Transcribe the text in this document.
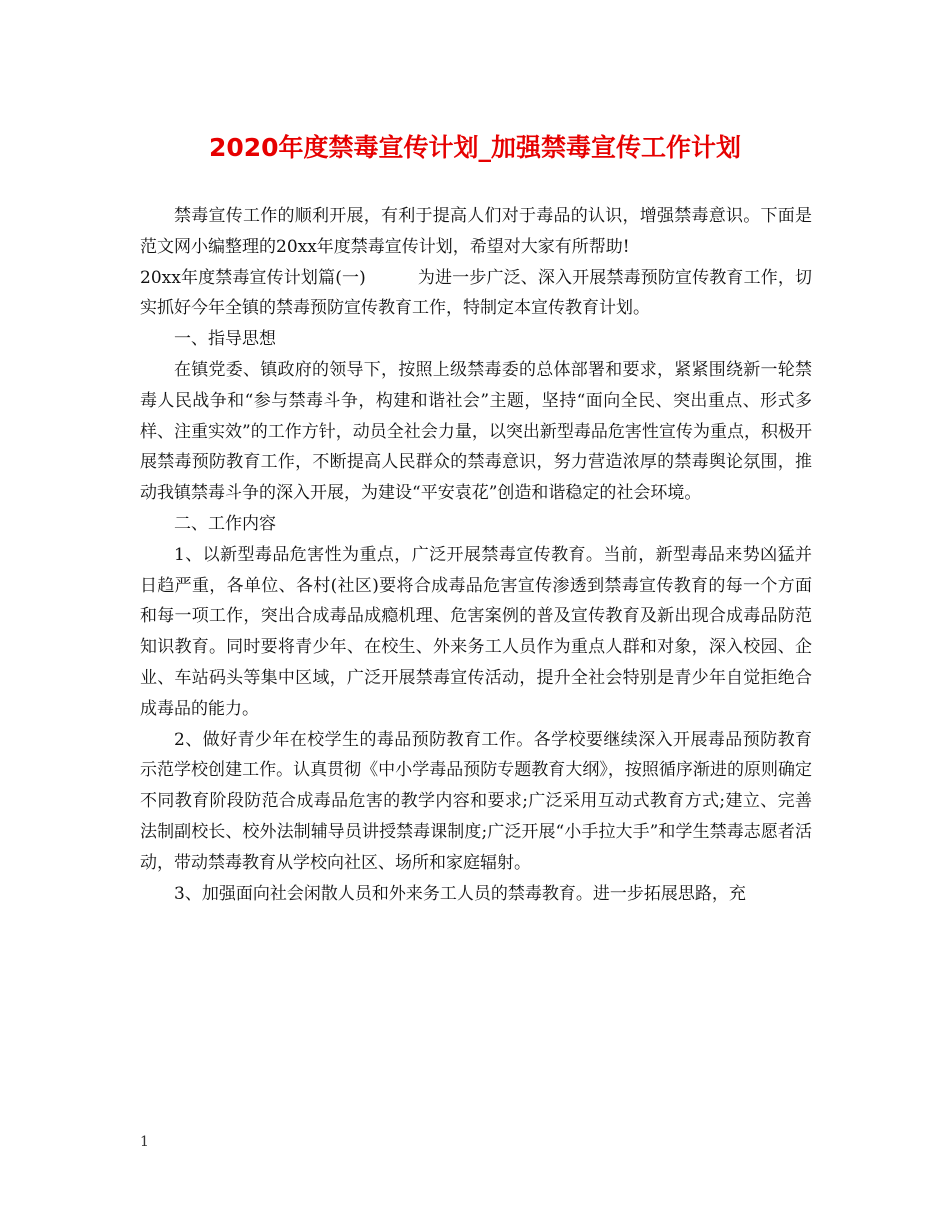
2020年度禁毒宣传计划_加强禁毒宣传工作计划

禁毒宣传工作的顺利开展，有利于提高人们对于毒品的认识，增强禁毒意识。下面是范文网小编整理的20xx年度禁毒宣传计划，希望对大家有所帮助!

20xx年度禁毒宣传计划篇(一)	为进一步广泛、深入开展禁毒预防宣传教育工作，切实抓好今年全镇的禁毒预防宣传教育工作，特制定本宣传教育计划。

一、指导思想

在镇党委、镇政府的领导下，按照上级禁毒委的总体部署和要求，紧紧围绕新一轮禁毒人民战争和“参与禁毒斗争，构建和谐社会”主题，坚持“面向全民、突出重点、形式多样、注重实效”的工作方针，动员全社会力量，以突出新型毒品危害性宣传为重点，积极开展禁毒预防教育工作，不断提高人民群众的禁毒意识，努力营造浓厚的禁毒舆论氛围，推动我镇禁毒斗争的深入开展，为建设“平安袁花”创造和谐稳定的社会环境。

二、工作内容

1、以新型毒品危害性为重点，广泛开展禁毒宣传教育。当前，新型毒品来势凶猛并日趋严重，各单位、各村(社区)要将合成毒品危害宣传渗透到禁毒宣传教育的每一个方面和每一项工作，突出合成毒品成瘾机理、危害案例的普及宣传教育及新出现合成毒品防范知识教育。同时要将青少年、在校生、外来务工人员作为重点人群和对象，深入校园、企业、车站码头等集中区域，广泛开展禁毒宣传活动，提升全社会特别是青少年自觉拒绝合成毒品的能力。

2、做好青少年在校学生的毒品预防教育工作。各学校要继续深入开展毒品预防教育示范学校创建工作。认真贯彻《中小学毒品预防专题教育大纲》，按照循序渐进的原则确定不同教育阶段防范合成毒品危害的教学内容和要求;广泛采用互动式教育方式;建立、完善法制副校长、校外法制辅导员讲授禁毒课制度;广泛开展“小手拉大手”和学生禁毒志愿者活动，带动禁毒教育从学校向社区、场所和家庭辐射。

3、加强面向社会闲散人员和外来务工人员的禁毒教育。进一步拓展思路，充

1
